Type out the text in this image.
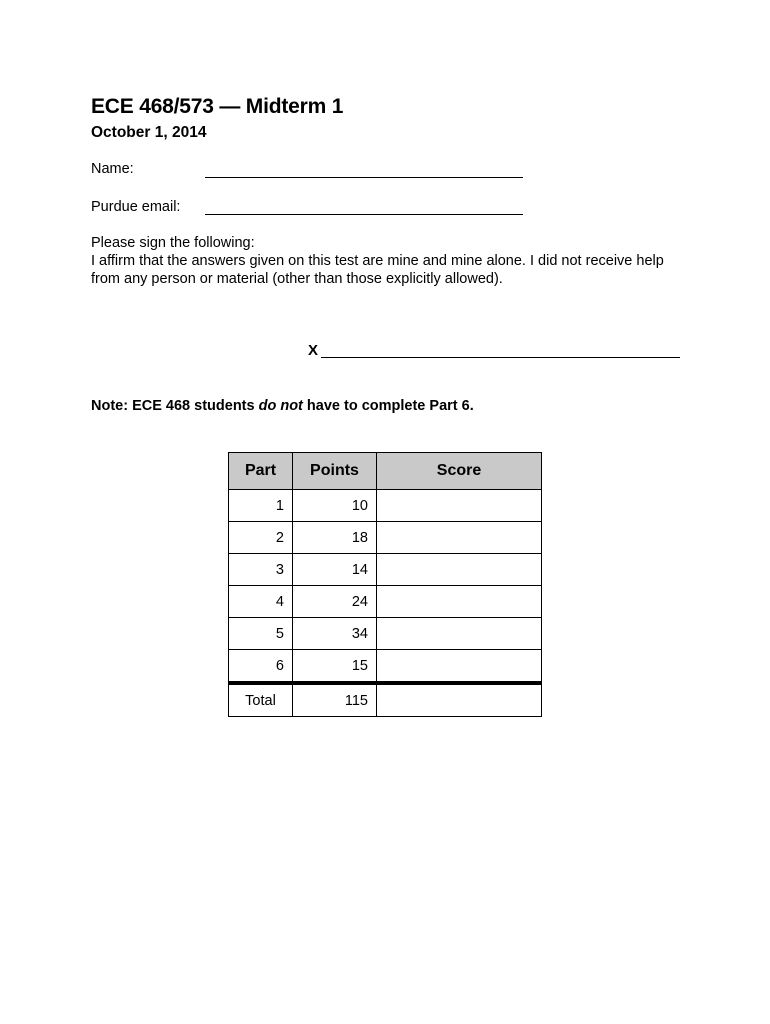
ECE 468/573 — Midterm 1
October 1, 2014
Name:
Purdue email:
Please sign the following:
I affirm that the answers given on this test are mine and mine alone. I did not receive help from any person or material (other than those explicitly allowed).
X
Note: ECE 468 students do not have to complete Part 6.
Part	Points	Score
1	10	
2	18	
3	14	
4	24	
5	34	
6	15	
Total	115	
